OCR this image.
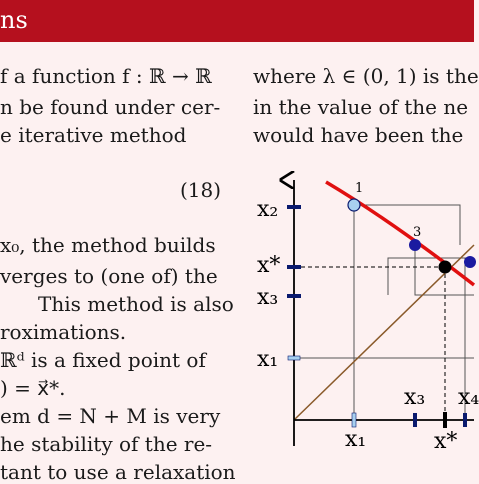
ns
f a function f : ℝ → ℝ
n be found under cer-
e iterative method
(18)
x₀, the method builds
verges to (one of) the
This method is also
roximations.
ℝᵈ is a fixed point of
) = x⃗*.
em d = N + M is very
he stability of the re-
tant to use a relaxation
where λ ∈ (0, 1) is the
in the value of the ne
would have been the
1
3
x₂
x*
x₃
x₁
x₃ x₄
x₁	x*
